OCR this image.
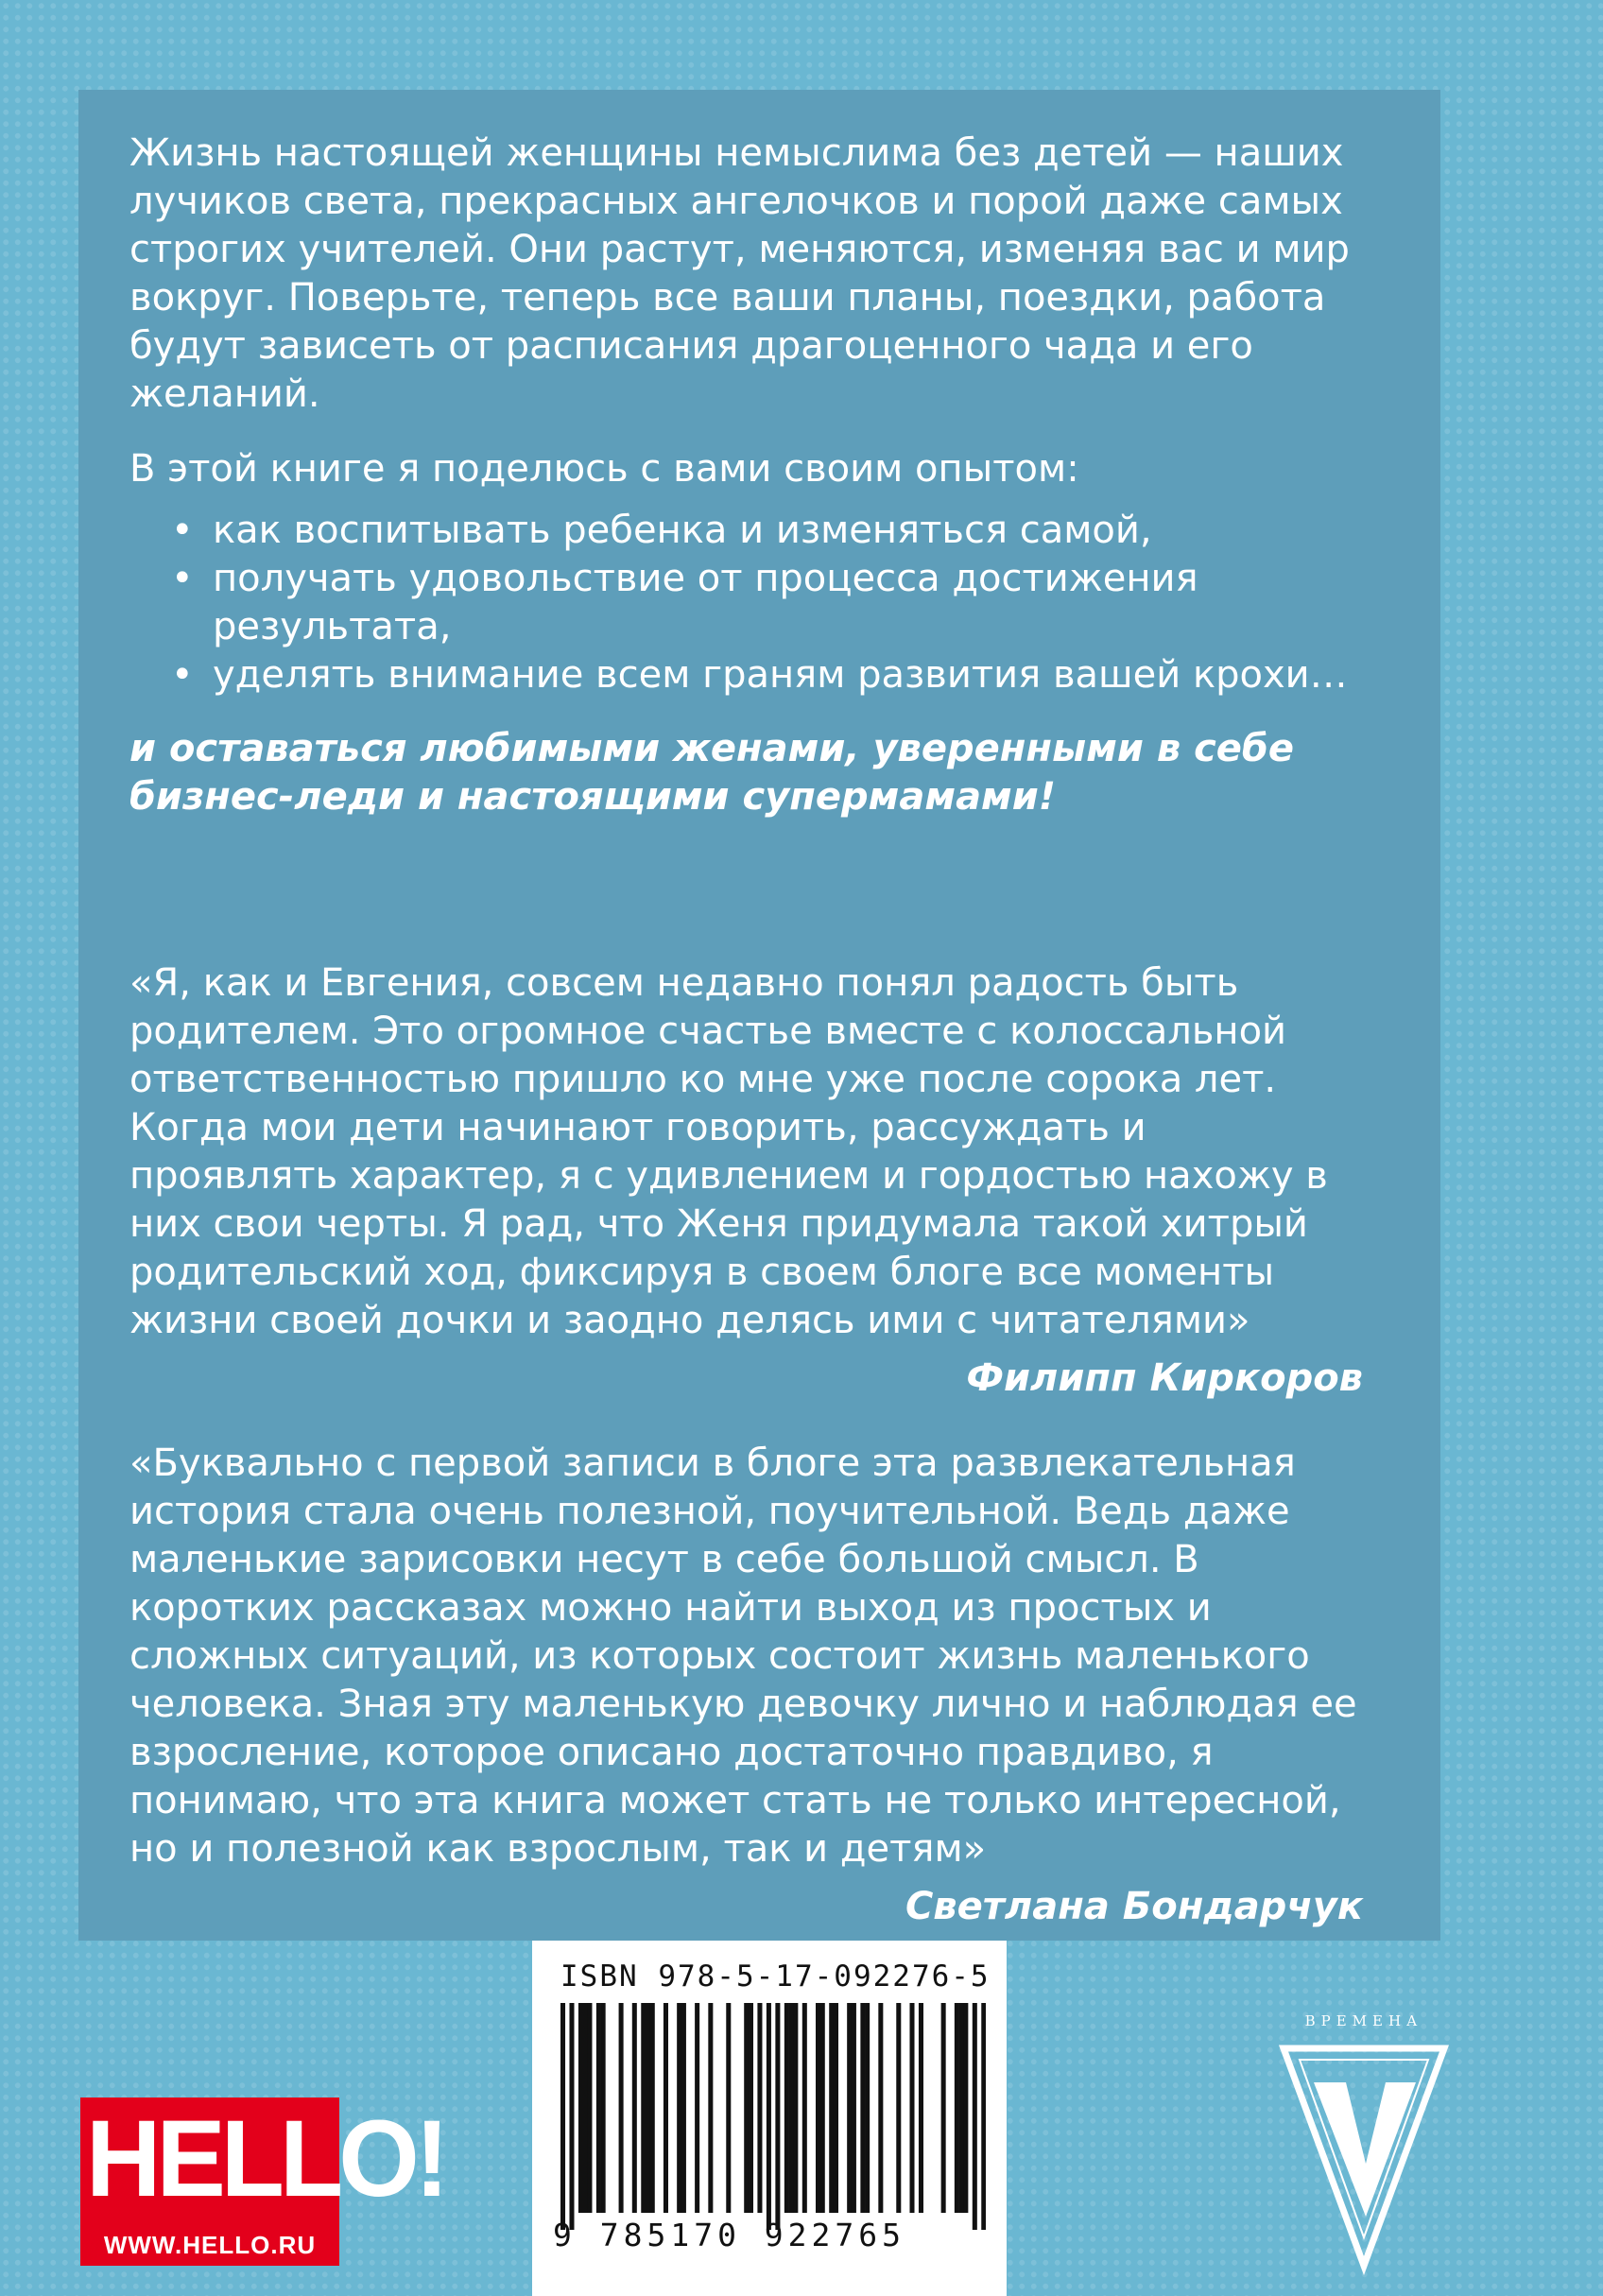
Жизнь настоящей женщины немыслима без детей — наших лучиков света, прекрасных ангелочков и порой даже самых строгих учителей. Они растут, меняются, изменяя вас и мир вокруг. Поверьте, теперь все ваши планы, поездки, работа будут зависеть от расписания драгоценного чада и его желаний.

В этой книге я поделюсь с вами своим опытом:

• как воспитывать ребенка и изменяться самой,
• получать удовольствие от процесса достижения результата,
• уделять внимание всем граням развития вашей крохи…

и оставаться любимыми женами, уверенными в себе бизнес-леди и настоящими супермамами!

«Я, как и Евгения, совсем недавно понял радость быть родителем. Это огромное счастье вместе с колоссальной ответственностью пришло ко мне уже после сорока лет. Когда мои дети начинают говорить, рассуждать и проявлять характер, я с удивлением и гордостью нахожу в них свои черты. Я рад, что Женя придумала такой хитрый родительский ход, фиксируя в своем блоге все моменты жизни своей дочки и заодно делясь ими с читателями»

Филипп Киркоров

«Буквально с первой записи в блоге эта развлекательная история стала очень полезной, поучительной. Ведь даже маленькие зарисовки несут в себе большой смысл. В коротких рассказах можно найти выход из простых и сложных ситуаций, из которых состоит жизнь маленького человека. Зная эту маленькую девочку лично и наблюдая ее взросление, которое описано достаточно правдиво, я понимаю, что эта книга может стать не только интересной, но и полезной как взрослым, так и детям»

Светлана Бондарчук

ISBN 978-5-17-092276-5
9 785170 922765
HELLO!
WWW.HELLO.RU
ВРЕМЕНА
